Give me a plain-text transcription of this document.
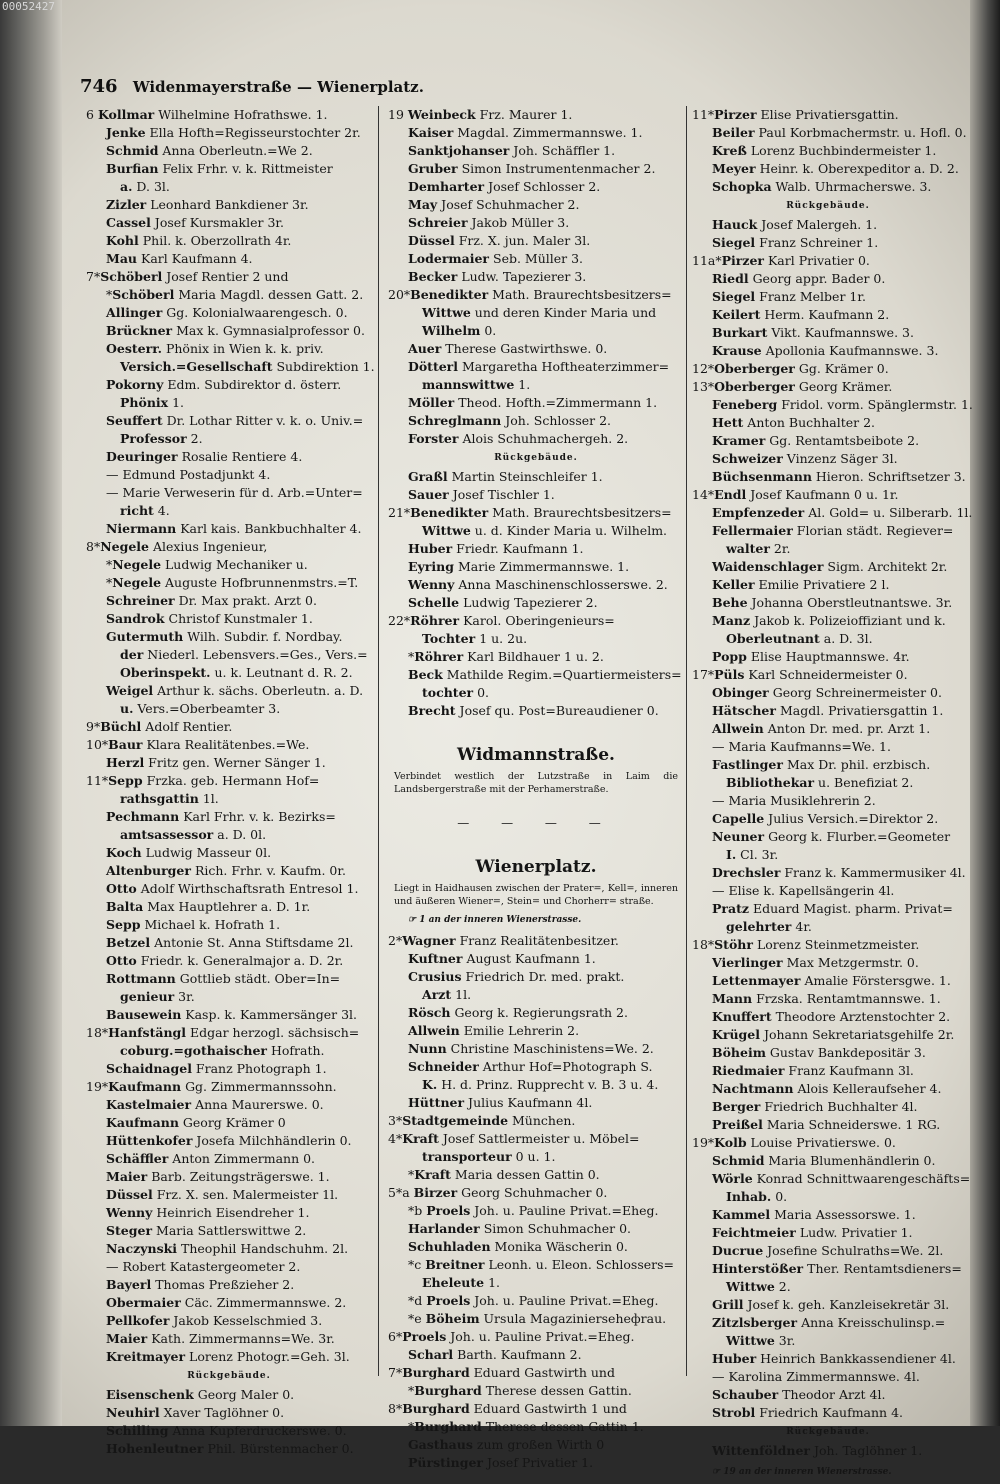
00052427
746 Widenmayerstraße — Wienerplatz.
6 Kollmar Wilhelmine Hofrathswe. 1.
Jenke Ella Hofth=Regisseurstochter 2r.
Schmid Anna Oberleutn.=We 2.
Burfian Felix Frhr. v. k. Rittmeister
a. D. 3l.
Zizler Leonhard Bankdiener 3r.
Cassel Josef Kursmakler 3r.
Kohl Phil. k. Oberzollrath 4r.
Mau Karl Kaufmann 4.
7*Schöberl Josef Rentier 2 und
*Schöberl Maria Magdl. dessen Gatt. 2.
Allinger Gg. Kolonialwaarengesch. 0.
Brückner Max k. Gymnasialprofessor 0.
Oesterr. Phönix in Wien k. k. priv.
Versich.=Gesellschaft Subdirektion 1.
Pokorny Edm. Subdirektor d. österr.
Phönix 1.
Seuffert Dr. Lothar Ritter v. k. o. Univ.=
Professor 2.
Deuringer Rosalie Rentiere 4.
— Edmund Postadjunkt 4.
— Marie Verweserin für d. Arb.=Unter=
richt 4.
Niermann Karl kais. Bankbuchhalter 4.
8*Negele Alexius Ingenieur,
*Negele Ludwig Mechaniker u.
*Negele Auguste Hofbrunnenmstrs.=T.
Schreiner Dr. Max prakt. Arzt 0.
Sandrok Christof Kunstmaler 1.
Gutermuth Wilh. Subdir. f. Nordbay.
der Niederl. Lebensvers.=Ges., Vers.=
Oberinspekt. u. k. Leutnant d. R. 2.
Weigel Arthur k. sächs. Oberleutn. a. D.
u. Vers.=Oberbeamter 3.
9*Büchl Adolf Rentier.
10*Baur Klara Realitätenbes.=We.
Herzl Fritz gen. Werner Sänger 1.
11*Sepp Frzka. geb. Hermann Hof=
rathsgattin 1l.
Pechmann Karl Frhr. v. k. Bezirks=
amtsassessor a. D. 0l.
Koch Ludwig Masseur 0l.
Altenburger Rich. Frhr. v. Kaufm. 0r.
Otto Adolf Wirthschaftsrath Entresol 1.
Balta Max Hauptlehrer a. D. 1r.
Sepp Michael k. Hofrath 1.
Betzel Antonie St. Anna Stiftsdame 2l.
Otto Friedr. k. Generalmajor a. D. 2r.
Rottmann Gottlieb städt. Ober=In=
genieur 3r.
Bausewein Kasp. k. Kammersänger 3l.
18*Hanfstängl Edgar herzogl. sächsisch=
coburg.=gothaischer Hofrath.
Schaidnagel Franz Photograph 1.
19*Kaufmann Gg. Zimmermannssohn.
Kastelmaier Anna Maurerswe. 0.
Kaufmann Georg Krämer 0
Hüttenkofer Josefa Milchhändlerin 0.
Schäffler Anton Zimmermann 0.
Maier Barb. Zeitungsträgerswe. 1.
Düssel Frz. X. sen. Malermeister 1l.
Wenny Heinrich Eisendreher 1.
Steger Maria Sattlerswittwe 2.
Naczynski Theophil Handschuhm. 2l.
— Robert Katastergeometer 2.
Bayerl Thomas Preßzieher 2.
Obermaier Cäc. Zimmermannswe. 2.
Pellkofer Jakob Kesselschmied 3.
Maier Kath. Zimmermanns=We. 3r.
Kreitmayer Lorenz Photogr.=Geh. 3l.
Rückgebäude.
Eisenschenk Georg Maler 0.
Neuhirl Xaver Taglöhner 0.
Schilling Anna Kupferdruckerswe. 0.
Hohenleutner Phil. Bürstenmacher 0.
19 Weinbeck Frz. Maurer 1.
Kaiser Magdal. Zimmermannswe. 1.
Sanktjohanser Joh. Schäffler 1.
Gruber Simon Instrumentenmacher 2.
Demharter Josef Schlosser 2.
May Josef Schuhmacher 2.
Schreier Jakob Müller 3.
Düssel Frz. X. jun. Maler 3l.
Lodermaier Seb. Müller 3.
Becker Ludw. Tapezierer 3.
20*Benedikter Math. Braurechtsbesitzers=
Wittwe und deren Kinder Maria und
Wilhelm 0.
Auer Therese Gastwirthswe. 0.
Dötterl Margaretha Hoftheaterzimmer=
mannswittwe 1.
Möller Theod. Hofth.=Zimmermann 1.
Schreglmann Joh. Schlosser 2.
Forster Alois Schuhmachergeh. 2.
Rückgebäude.
Graßl Martin Steinschleifer 1.
Sauer Josef Tischler 1.
21*Benedikter Math. Braurechtsbesitzers=
Wittwe u. d. Kinder Maria u. Wilhelm.
Huber Friedr. Kaufmann 1.
Eyring Marie Zimmermannswe. 1.
Wenny Anna Maschinenschlosserswe. 2.
Schelle Ludwig Tapezierer 2.
22*Röhrer Karol. Oberingenieurs=
Tochter 1 u. 2u.
*Röhrer Karl Bildhauer 1 u. 2.
Beck Mathilde Regim.=Quartiermeisters=
tochter 0.
Brecht Josef qu. Post=Bureaudiener 0.
Widmannstraße.
Verbindet westlich der Lutzstraße in Laim die Landsbergerstraße mit der Perhamerstraße.
— — — —
Wienerplatz.
Liegt in Haidhausen zwischen der Prater=, Kell=, inneren und äußeren Wiener=, Stein= und Chorherr= straße.
☞ 1 an der inneren Wienerstrasse.
2*Wagner Franz Realitätenbesitzer.
Kuftner August Kaufmann 1.
Crusius Friedrich Dr. med. prakt.
Arzt 1l.
Rösch Georg k. Regierungsrath 2.
Allwein Emilie Lehrerin 2.
Nunn Christine Maschinistens=We. 2.
Schneider Arthur Hof=Photograph S.
K. H. d. Prinz. Rupprecht v. B. 3 u. 4.
Hüttner Julius Kaufmann 4l.
3*Stadtgemeinde München.
4*Kraft Josef Sattlermeister u. Möbel=
transporteur 0 u. 1.
*Kraft Maria dessen Gattin 0.
5*a Birzer Georg Schuhmacher 0.
*b Proels Joh. u. Pauline Privat.=Eheg.
Harlander Simon Schuhmacher 0.
Schuhladen Monika Wäscherin 0.
*c Breitner Leonh. u. Eleon. Schlossers=
Eheleute 1.
*d Proels Joh. u. Pauline Privat.=Eheg.
*e Böheim Ursula Magazinierseheфrau.
6*Proels Joh. u. Pauline Privat.=Eheg.
Scharl Barth. Kaufmann 2.
7*Burghard Eduard Gastwirth und
*Burghard Therese dessen Gattin.
8*Burghard Eduard Gastwirth 1 und
*Burghard Therese dessen Gattin 1.
Gasthaus zum großen Wirth 0
Pürstinger Josef Privatier 1.
11*Pirzer Elise Privatiersgattin.
Beiler Paul Korbmachermstr. u. Hofl. 0.
Kreß Lorenz Buchbindermeister 1.
Meyer Heinr. k. Oberexpeditor a. D. 2.
Schopka Walb. Uhrmacherswe. 3.
Rückgebäude.
Hauck Josef Malergeh. 1.
Siegel Franz Schreiner 1.
11a*Pirzer Karl Privatier 0.
Riedl Georg appr. Bader 0.
Siegel Franz Melber 1r.
Keilert Herm. Kaufmann 2.
Burkart Vikt. Kaufmannswe. 3.
Krause Apollonia Kaufmannswe. 3.
12*Oberberger Gg. Krämer 0.
13*Oberberger Georg Krämer.
Feneberg Fridol. vorm. Spänglermstr. 1.
Hett Anton Buchhalter 2.
Kramer Gg. Rentamtsbeibote 2.
Schweizer Vinzenz Säger 3l.
Büchsenmann Hieron. Schriftsetzer 3.
14*Endl Josef Kaufmann 0 u. 1r.
Empfenzeder Al. Gold= u. Silberarb. 1l.
Fellermaier Florian städt. Regiever=
walter 2r.
Waidenschlager Sigm. Architekt 2r.
Keller Emilie Privatiere 2 l.
Behe Johanna Oberstleutnantswe. 3r.
Manz Jakob k. Polizeioffiziant und k.
Oberleutnant a. D. 3l.
Popp Elise Hauptmannswe. 4r.
17*Püls Karl Schneidermeister 0.
Obinger Georg Schreinermeister 0.
Hätscher Magdl. Privatiersgattin 1.
Allwein Anton Dr. med. pr. Arzt 1.
— Maria Kaufmanns=We. 1.
Fastlinger Max Dr. phil. erzbisch.
Bibliothekar u. Benefiziat 2.
— Maria Musiklehrerin 2.
Capelle Julius Versich.=Direktor 2.
Neuner Georg k. Flurber.=Geometer
I. Cl. 3r.
Drechsler Franz k. Kammermusiker 4l.
— Elise k. Kapellsängerin 4l.
Pratz Eduard Magist. pharm. Privat=
gelehrter 4r.
18*Stöhr Lorenz Steinmetzmeister.
Vierlinger Max Metzgermstr. 0.
Lettenmayer Amalie Förstersgwe. 1.
Mann Frzska. Rentamtmannswe. 1.
Knuffert Theodore Arztenstochter 2.
Krügel Johann Sekretariatsgehilfe 2r.
Böheim Gustav Bankdepositär 3.
Riedmaier Franz Kaufmann 3l.
Nachtmann Alois Kelleraufseher 4.
Berger Friedrich Buchhalter 4l.
Preißel Maria Schneiderswe. 1 RG.
19*Kolb Louise Privatierswe. 0.
Schmid Maria Blumenhändlerin 0.
Wörle Konrad Schnittwaarengeschäfts=
Inhab. 0.
Kammel Maria Assessorswe. 1.
Feichtmeier Ludw. Privatier 1.
Ducrue Josefine Schulraths=We. 2l.
Hinterstößer Ther. Rentamtsdieners=
Wittwe 2.
Grill Josef k. geh. Kanzleisekretär 3l.
Zitzlsberger Anna Kreisschulinsp.=
Wittwe 3r.
Huber Heinrich Bankkassendiener 4l.
— Karolina Zimmermannswe. 4l.
Schauber Theodor Arzt 4l.
Strobl Friedrich Kaufmann 4.
Rückgebäude.
Wittenföldner Joh. Taglöhner 1.
☞ 19 an der inneren Wienerstrasse.
